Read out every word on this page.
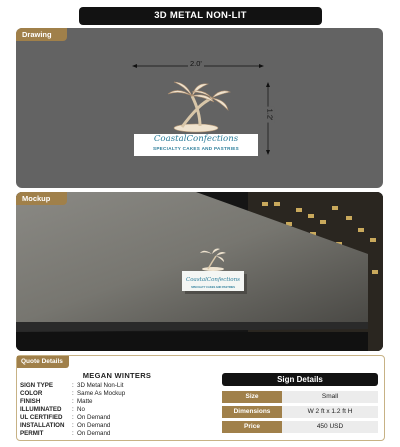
3D METAL NON-LIT
Drawing
2.0'
1.2'
CoastalConfections
SPECIALTY CAKES AND PASTRIES
Mockup
CoastalConfections
SPECIALTY CAKES AND PASTRIES
Quote Details
MEGAN WINTERS
SIGN TYPE	: 3D Metal Non-Lit
COLOR	: Same As Mockup
FINISH	: Matte
ILLUMINATED	: No
UL CERTIFIED	: On Demand
INSTALLATION	: On Demand
PERMIT	: On Demand
Sign Details
Size	Small
Dimensions	W 2 ft x 1.2 ft H
Price	450 USD
